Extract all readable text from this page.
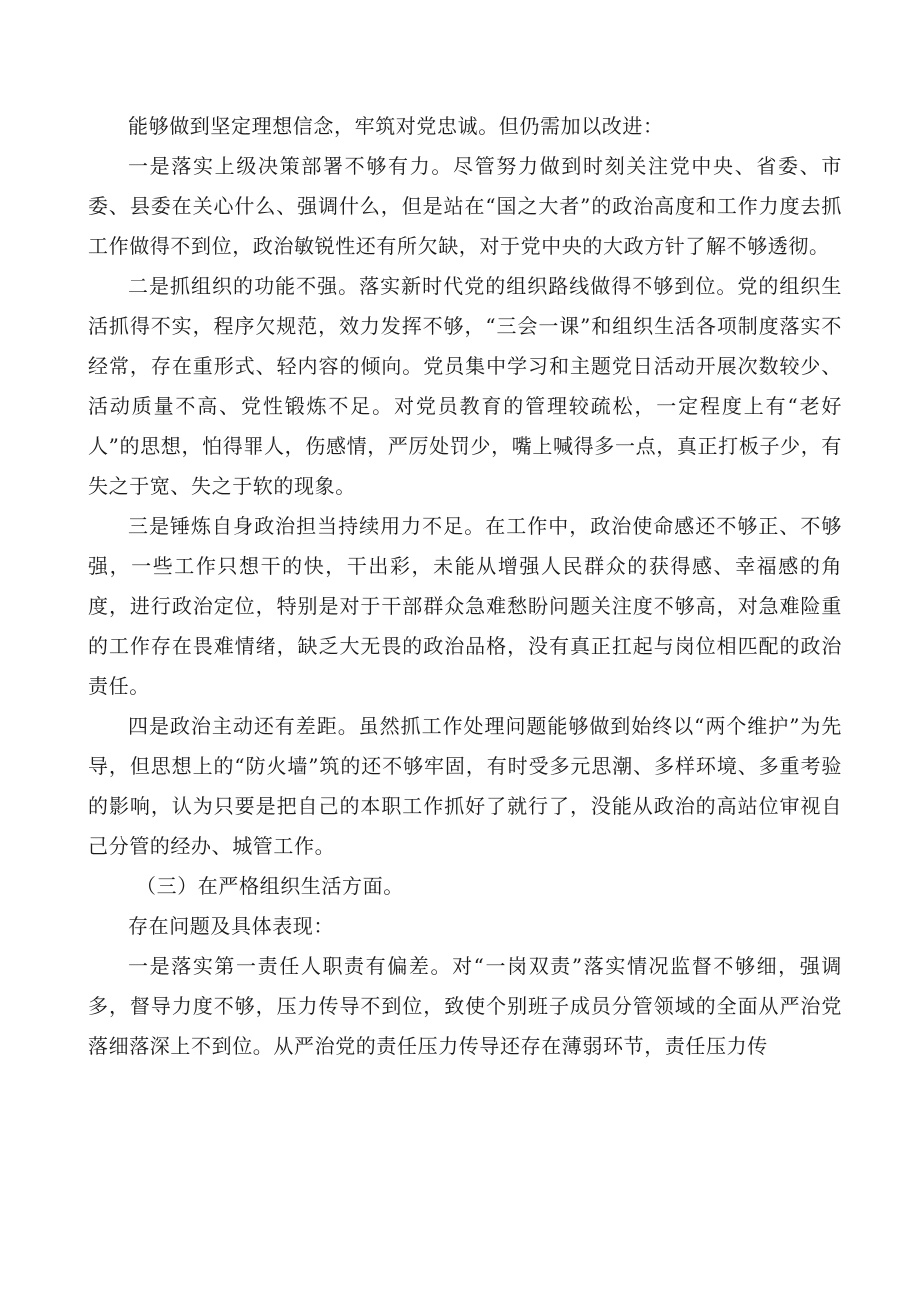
能够做到坚定理想信念，牢筑对党忠诚。但仍需加以改进：

一是落实上级决策部署不够有力。尽管努力做到时刻关注党中央、省委、市委、县委在关心什么、强调什么，但是站在“国之大者”的政治高度和工作力度去抓工作做得不到位，政治敏锐性还有所欠缺，对于党中央的大政方针了解不够透彻。

二是抓组织的功能不强。落实新时代党的组织路线做得不够到位。党的组织生活抓得不实，程序欠规范，效力发挥不够，“三会一课”和组织生活各项制度落实不经常，存在重形式、轻内容的倾向。党员集中学习和主题党日活动开展次数较少、活动质量不高、党性锻炼不足。对党员教育的管理较疏松，一定程度上有“老好人”的思想，怕得罪人，伤感情，严厉处罚少，嘴上喊得多一点，真正打板子少，有失之于宽、失之于软的现象。

三是锤炼自身政治担当持续用力不足。在工作中，政治使命感还不够正、不够强，一些工作只想干的快，干出彩，未能从增强人民群众的获得感、幸福感的角度，进行政治定位，特别是对于干部群众急难愁盼问题关注度不够高，对急难险重的工作存在畏难情绪，缺乏大无畏的政治品格，没有真正扛起与岗位相匹配的政治责任。

四是政治主动还有差距。虽然抓工作处理问题能够做到始终以“两个维护”为先导，但思想上的“防火墙”筑的还不够牢固，有时受多元思潮、多样环境、多重考验的影响，认为只要是把自己的本职工作抓好了就行了，没能从政治的高站位审视自己分管的经办、城管工作。

（三）在严格组织生活方面。

存在问题及具体表现：

一是落实第一责任人职责有偏差。对“一岗双责”落实情况监督不够细，强调多，督导力度不够，压力传导不到位，致使个别班子成员分管领域的全面从严治党落细落深上不到位。从严治党的责任压力传导还存在薄弱环节，责任压力传
